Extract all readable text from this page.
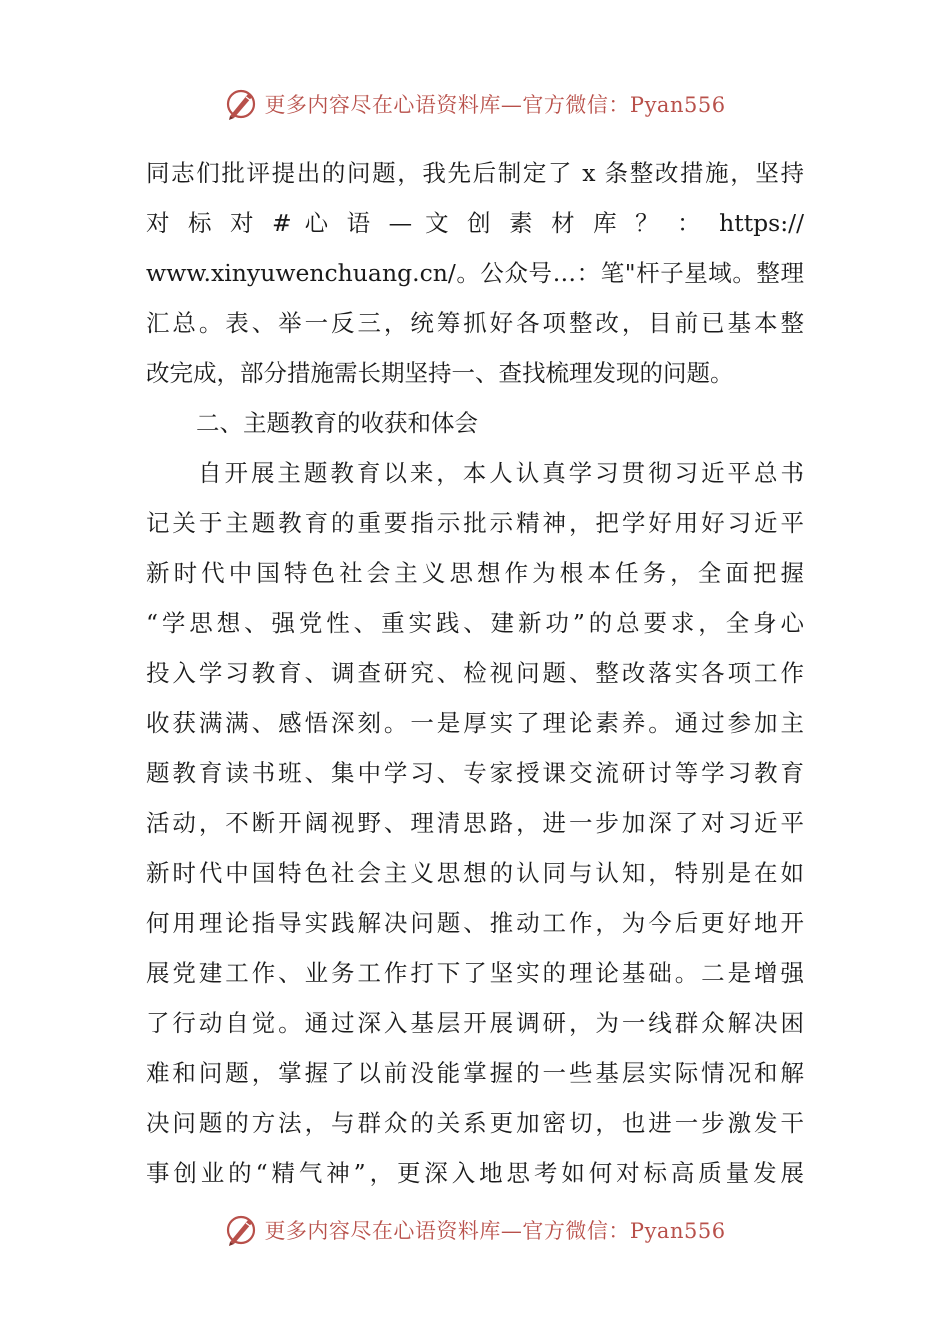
更多内容尽在心语资料库—官方微信：Pyan556
同志们批评提出的问题，我先后制定了 x 条整改措施，坚持
对 标 对 # 心 语 — 文 创 素 材 库 ？ ： https://
www.xinyuwenchuang.cn/。公众号…：笔"杆子星域。整理
汇总。表、举一反三，统筹抓好各项整改，目前已基本整
改完成，部分措施需长期坚持一、查找梳理发现的问题。
二、主题教育的收获和体会
自开展主题教育以来，本人认真学习贯彻习近平总书
记关于主题教育的重要指示批示精神，把学好用好习近平
新时代中国特色社会主义思想作为根本任务，全面把握
“学思想、强党性、重实践、建新功”的总要求，全身心
投入学习教育、调查研究、检视问题、整改落实各项工作
收获满满、感悟深刻。一是厚实了理论素养。通过参加主
题教育读书班、集中学习、专家授课交流研讨等学习教育
活动，不断开阔视野、理清思路，进一步加深了对习近平
新时代中国特色社会主义思想的认同与认知，特别是在如
何用理论指导实践解决问题、推动工作，为今后更好地开
展党建工作、业务工作打下了坚实的理论基础。二是增强
了行动自觉。通过深入基层开展调研，为一线群众解决困
难和问题，掌握了以前没能掌握的一些基层实际情况和解
决问题的方法，与群众的关系更加密切，也进一步激发干
事创业的“精气神”，更深入地思考如何对标高质量发展
更多内容尽在心语资料库—官方微信：Pyan556
